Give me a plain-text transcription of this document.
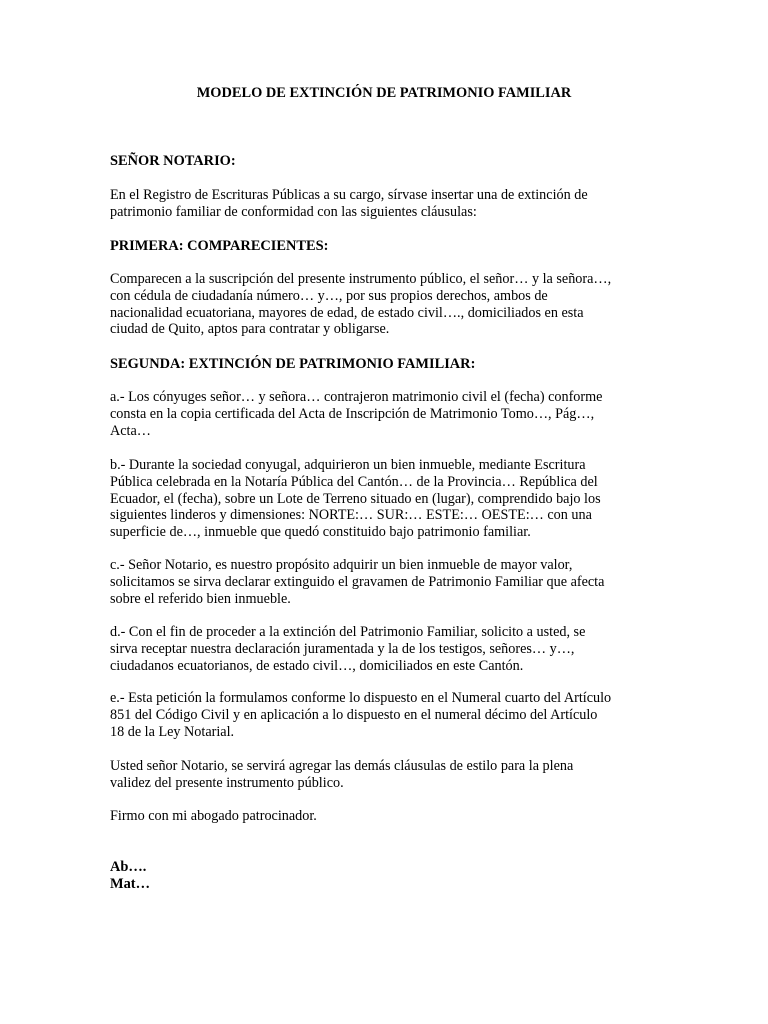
MODELO DE EXTINCIÓN DE PATRIMONIO FAMILIAR
SEÑOR NOTARIO:
En el Registro de Escrituras Públicas a su cargo, sírvase insertar una de extinción de
patrimonio familiar de conformidad con las siguientes cláusulas:
PRIMERA: COMPARECIENTES:
Comparecen a la suscripción del presente instrumento público, el señor… y la señora…,
con cédula de ciudadanía número… y…, por sus propios derechos, ambos de
nacionalidad ecuatoriana, mayores de edad, de estado civil…., domiciliados en esta
ciudad de Quito, aptos para contratar y obligarse.
SEGUNDA: EXTINCIÓN DE PATRIMONIO FAMILIAR:
a.- Los cónyuges señor… y señora… contrajeron matrimonio civil el (fecha) conforme
consta en la copia certificada del Acta de Inscripción de Matrimonio Tomo…, Pág…,
Acta…
b.- Durante la sociedad conyugal, adquirieron un bien inmueble, mediante Escritura
Pública celebrada en la Notaría Pública del Cantón… de la Provincia… República del
Ecuador, el (fecha), sobre un Lote de Terreno situado en (lugar), comprendido bajo los
siguientes linderos y dimensiones: NORTE:… SUR:… ESTE:… OESTE:… con una
superficie de…, inmueble que quedó constituido bajo patrimonio familiar.
c.- Señor Notario, es nuestro propósito adquirir un bien inmueble de mayor valor,
solicitamos se sirva declarar extinguido el gravamen de Patrimonio Familiar que afecta
sobre el referido bien inmueble.
d.- Con el fin de proceder a la extinción del Patrimonio Familiar, solicito a usted, se
sirva receptar nuestra declaración juramentada y la de los testigos, señores… y…,
ciudadanos ecuatorianos, de estado civil…, domiciliados en este Cantón.
e.- Esta petición la formulamos conforme lo dispuesto en el Numeral cuarto del Artículo
851 del Código Civil y en aplicación a lo dispuesto en el numeral décimo del Artículo
18 de la Ley Notarial.
Usted señor Notario, se servirá agregar las demás cláusulas de estilo para la plena
validez del presente instrumento público.
Firmo con mi abogado patrocinador.
Ab….
Mat…
